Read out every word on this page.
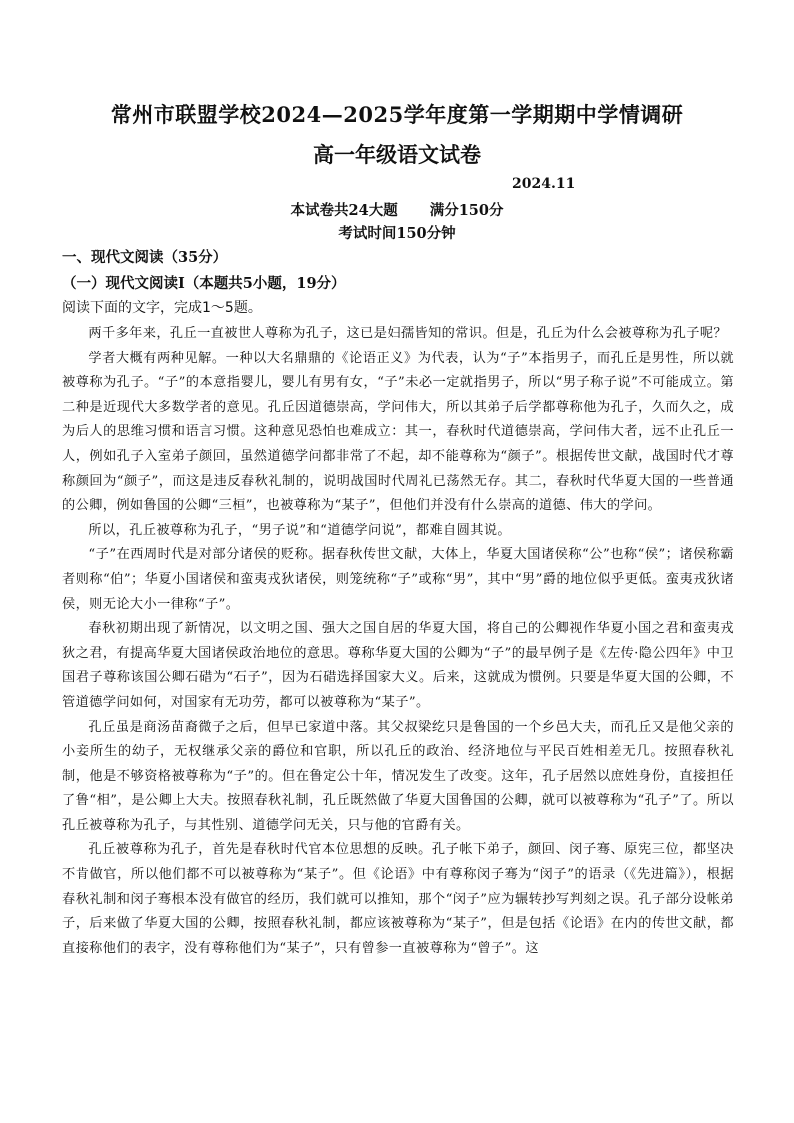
常州市联盟学校2024—2025学年度第一学期期中学情调研
高一年级语文试卷
2024.11
本试卷共24大题 满分150分
考试时间150分钟
一、现代文阅读（35分）
（一）现代文阅读Ⅰ（本题共5小题，19分）
阅读下面的文字，完成1～5题。

两千多年来，孔丘一直被世人尊称为孔子，这已是妇孺皆知的常识。但是，孔丘为什么会被尊称为孔子呢？

学者大概有两种见解。一种以大名鼎鼎的《论语正义》为代表，认为“子”本指男子，而孔丘是男性，所以就被尊称为孔子。“子”的本意指婴儿，婴儿有男有女，“子”未必一定就指男子，所以“男子称子说”不可能成立。第二种是近现代大多数学者的意见。孔丘因道德崇高，学问伟大，所以其弟子后学都尊称他为孔子，久而久之，成为后人的思维习惯和语言习惯。这种意见恐怕也难成立：其一，春秋时代道德崇高，学问伟大者，远不止孔丘一人，例如孔子入室弟子颜回，虽然道德学问都非常了不起，却不能尊称为“颜子”。根据传世文献，战国时代才尊称颜回为“颜子”，而这是违反春秋礼制的，说明战国时代周礼已荡然无存。其二，春秋时代华夏大国的一些普通的公卿，例如鲁国的公卿“三桓”，也被尊称为“某子”，但他们并没有什么崇高的道德、伟大的学问。

所以，孔丘被尊称为孔子，“男子说”和“道德学问说”，都难自圆其说。

“子”在西周时代是对部分诸侯的贬称。据春秋传世文献，大体上，华夏大国诸侯称“公”也称“侯”；诸侯称霸者则称“伯”；华夏小国诸侯和蛮夷戎狄诸侯，则笼统称“子”或称“男”，其中“男”爵的地位似乎更低。蛮夷戎狄诸侯，则无论大小一律称“子”。

春秋初期出现了新情况，以文明之国、强大之国自居的华夏大国，将自己的公卿视作华夏小国之君和蛮夷戎狄之君，有提高华夏大国诸侯政治地位的意思。尊称华夏大国的公卿为“子”的最早例子是《左传·隐公四年》中卫国君子尊称该国公卿石碏为“石子”，因为石碏选择国家大义。后来，这就成为惯例。只要是华夏大国的公卿，不管道德学问如何，对国家有无功劳，都可以被尊称为“某子”。

孔丘虽是商汤苗裔微子之后，但早已家道中落。其父叔梁纥只是鲁国的一个乡邑大夫，而孔丘又是他父亲的小妾所生的幼子，无权继承父亲的爵位和官职，所以孔丘的政治、经济地位与平民百姓相差无几。按照春秋礼制，他是不够资格被尊称为“子”的。但在鲁定公十年，情况发生了改变。这年，孔子居然以庶姓身份，直接担任了鲁“相”，是公卿上大夫。按照春秋礼制，孔丘既然做了华夏大国鲁国的公卿，就可以被尊称为“孔子”了。所以孔丘被尊称为孔子，与其性别、道德学问无关，只与他的官爵有关。

孔丘被尊称为孔子，首先是春秋时代官本位思想的反映。孔子帐下弟子，颜回、闵子骞、原宪三位，都坚决不肯做官，所以他们都不可以被尊称为“某子”。但《论语》中有尊称闵子骞为“闵子”的语录（《先进篇》），根据春秋礼制和闵子骞根本没有做官的经历，我们就可以推知，那个“闵子”应为辗转抄写判刻之误。孔子部分设帐弟子，后来做了华夏大国的公卿，按照春秋礼制，都应该被尊称为“某子”，但是包括《论语》在内的传世文献，都直接称他们的表字，没有尊称他们为“某子”，只有曾参一直被尊称为“曾子”。这
